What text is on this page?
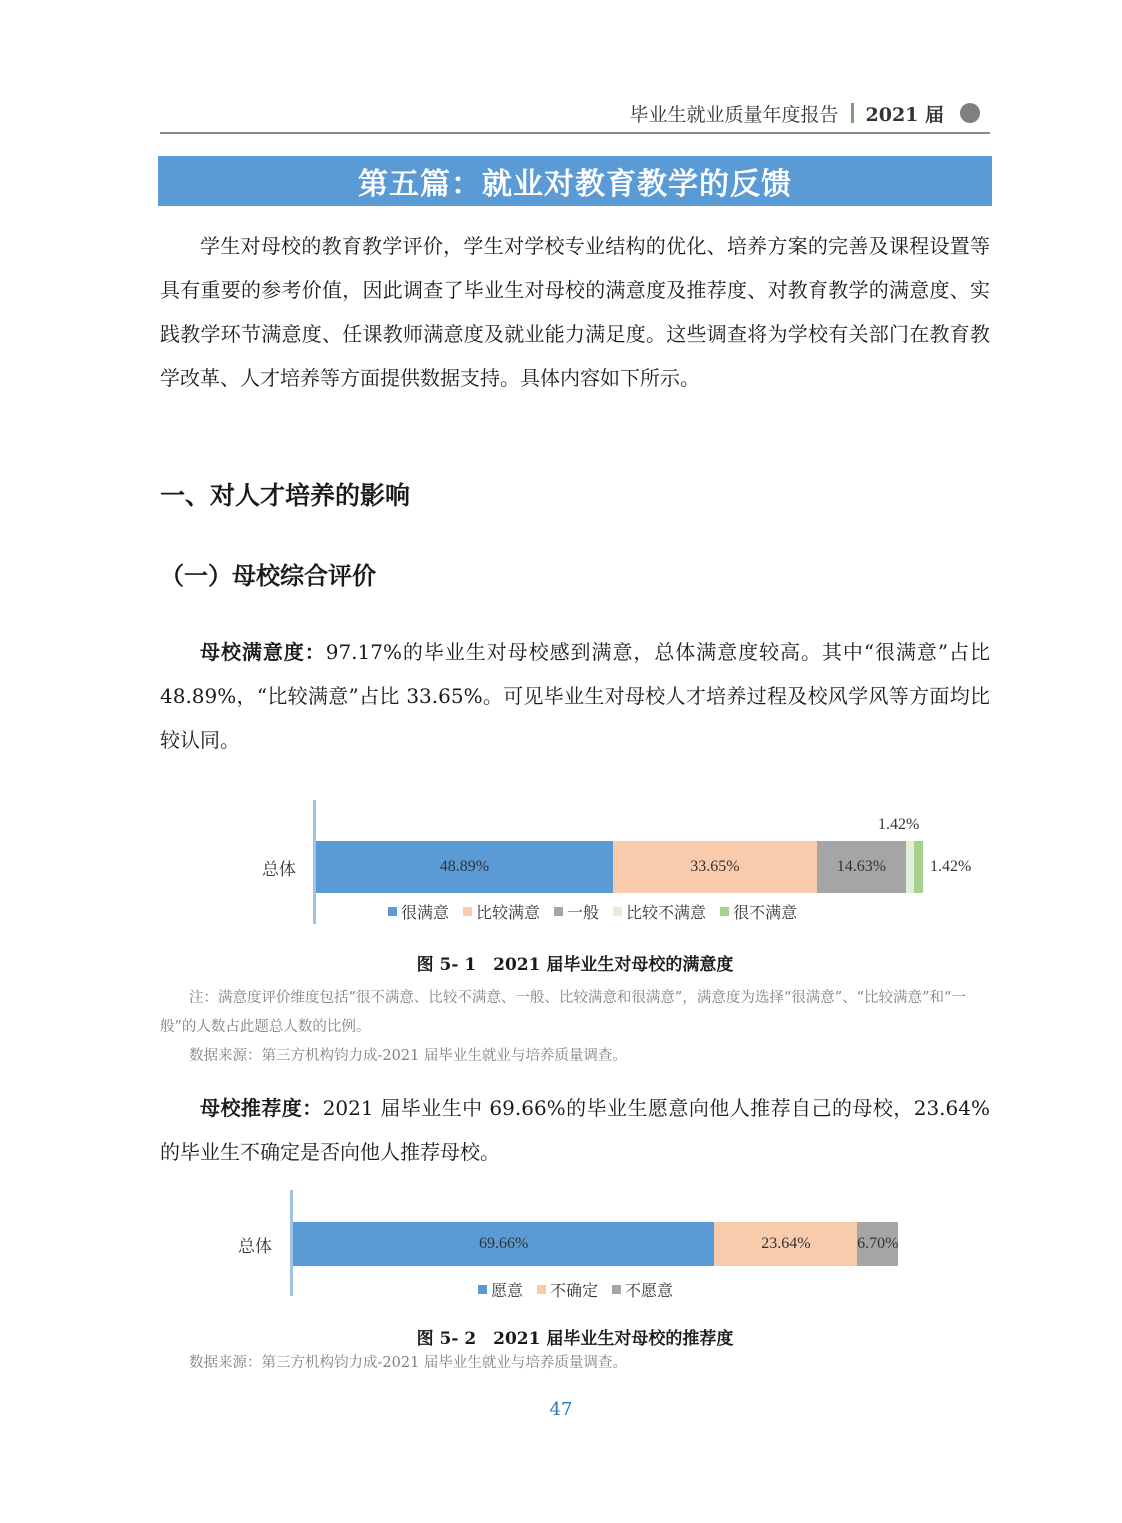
毕业生就业质量年度报告 2021 届
第五篇：就业对教育教学的反馈

学生对母校的教育教学评价，学生对学校专业结构的优化、培养方案的完善及课程设置等具有重要的参考价值，因此调查了毕业生对母校的满意度及推荐度、对教育教学的满意度、实践教学环节满意度、任课教师满意度及就业能力满足度。这些调查将为学校有关部门在教育教学改革、人才培养等方面提供数据支持。具体内容如下所示。

一、对人才培养的影响
（一）母校综合评价

母校满意度：97.17%的毕业生对母校感到满意，总体满意度较高。其中“很满意”占比 48.89%，“比较满意”占比 33.65%。可见毕业生对母校人才培养过程及校风学风等方面均比较认同。

总体	48.89%	33.65%	14.63%
1.42%
1.42%
很满意 比较满意 一般 比较不满意 很不满意
图 5- 1　2021 届毕业生对母校的满意度

注：满意度评价维度包括“很不满意、比较不满意、一般、比较满意和很满意”，满意度为选择“很满意”、“比较满意”和“一般”的人数占此题总人数的比例。

数据来源：第三方机构钧力成-2021 届毕业生就业与培养质量调查。

母校推荐度：2021 届毕业生中 69.66%的毕业生愿意向他人推荐自己的母校，23.64%的毕业生不确定是否向他人推荐母校。

总体	69.66%	23.64%	6.70%
愿意 不确定 不愿意
图 5- 2　2021 届毕业生对母校的推荐度

数据来源：第三方机构钧力成-2021 届毕业生就业与培养质量调查。

47
